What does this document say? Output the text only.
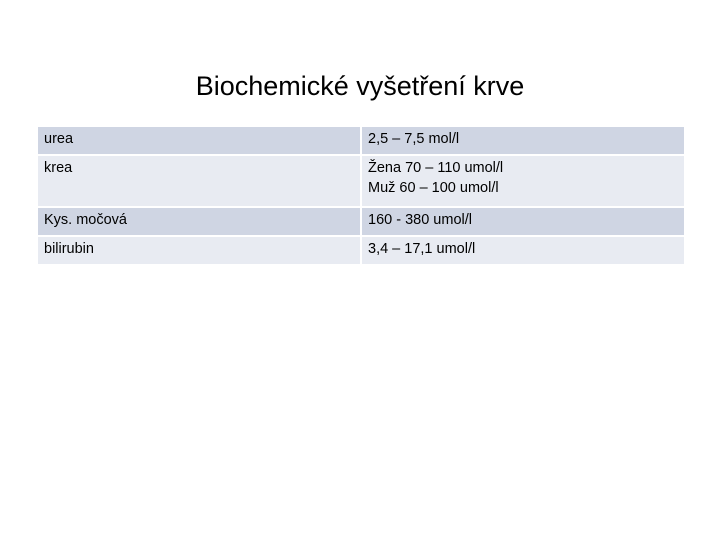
Biochemické vyšetření krve
urea	2,5 – 7,5 mol/l

krea	Žena 70 – 110 umol/l
Muž 60 – 100 umol/l

Kys. močová	160 - 380 umol/l

bilirubin	3,4 – 17,1 umol/l
